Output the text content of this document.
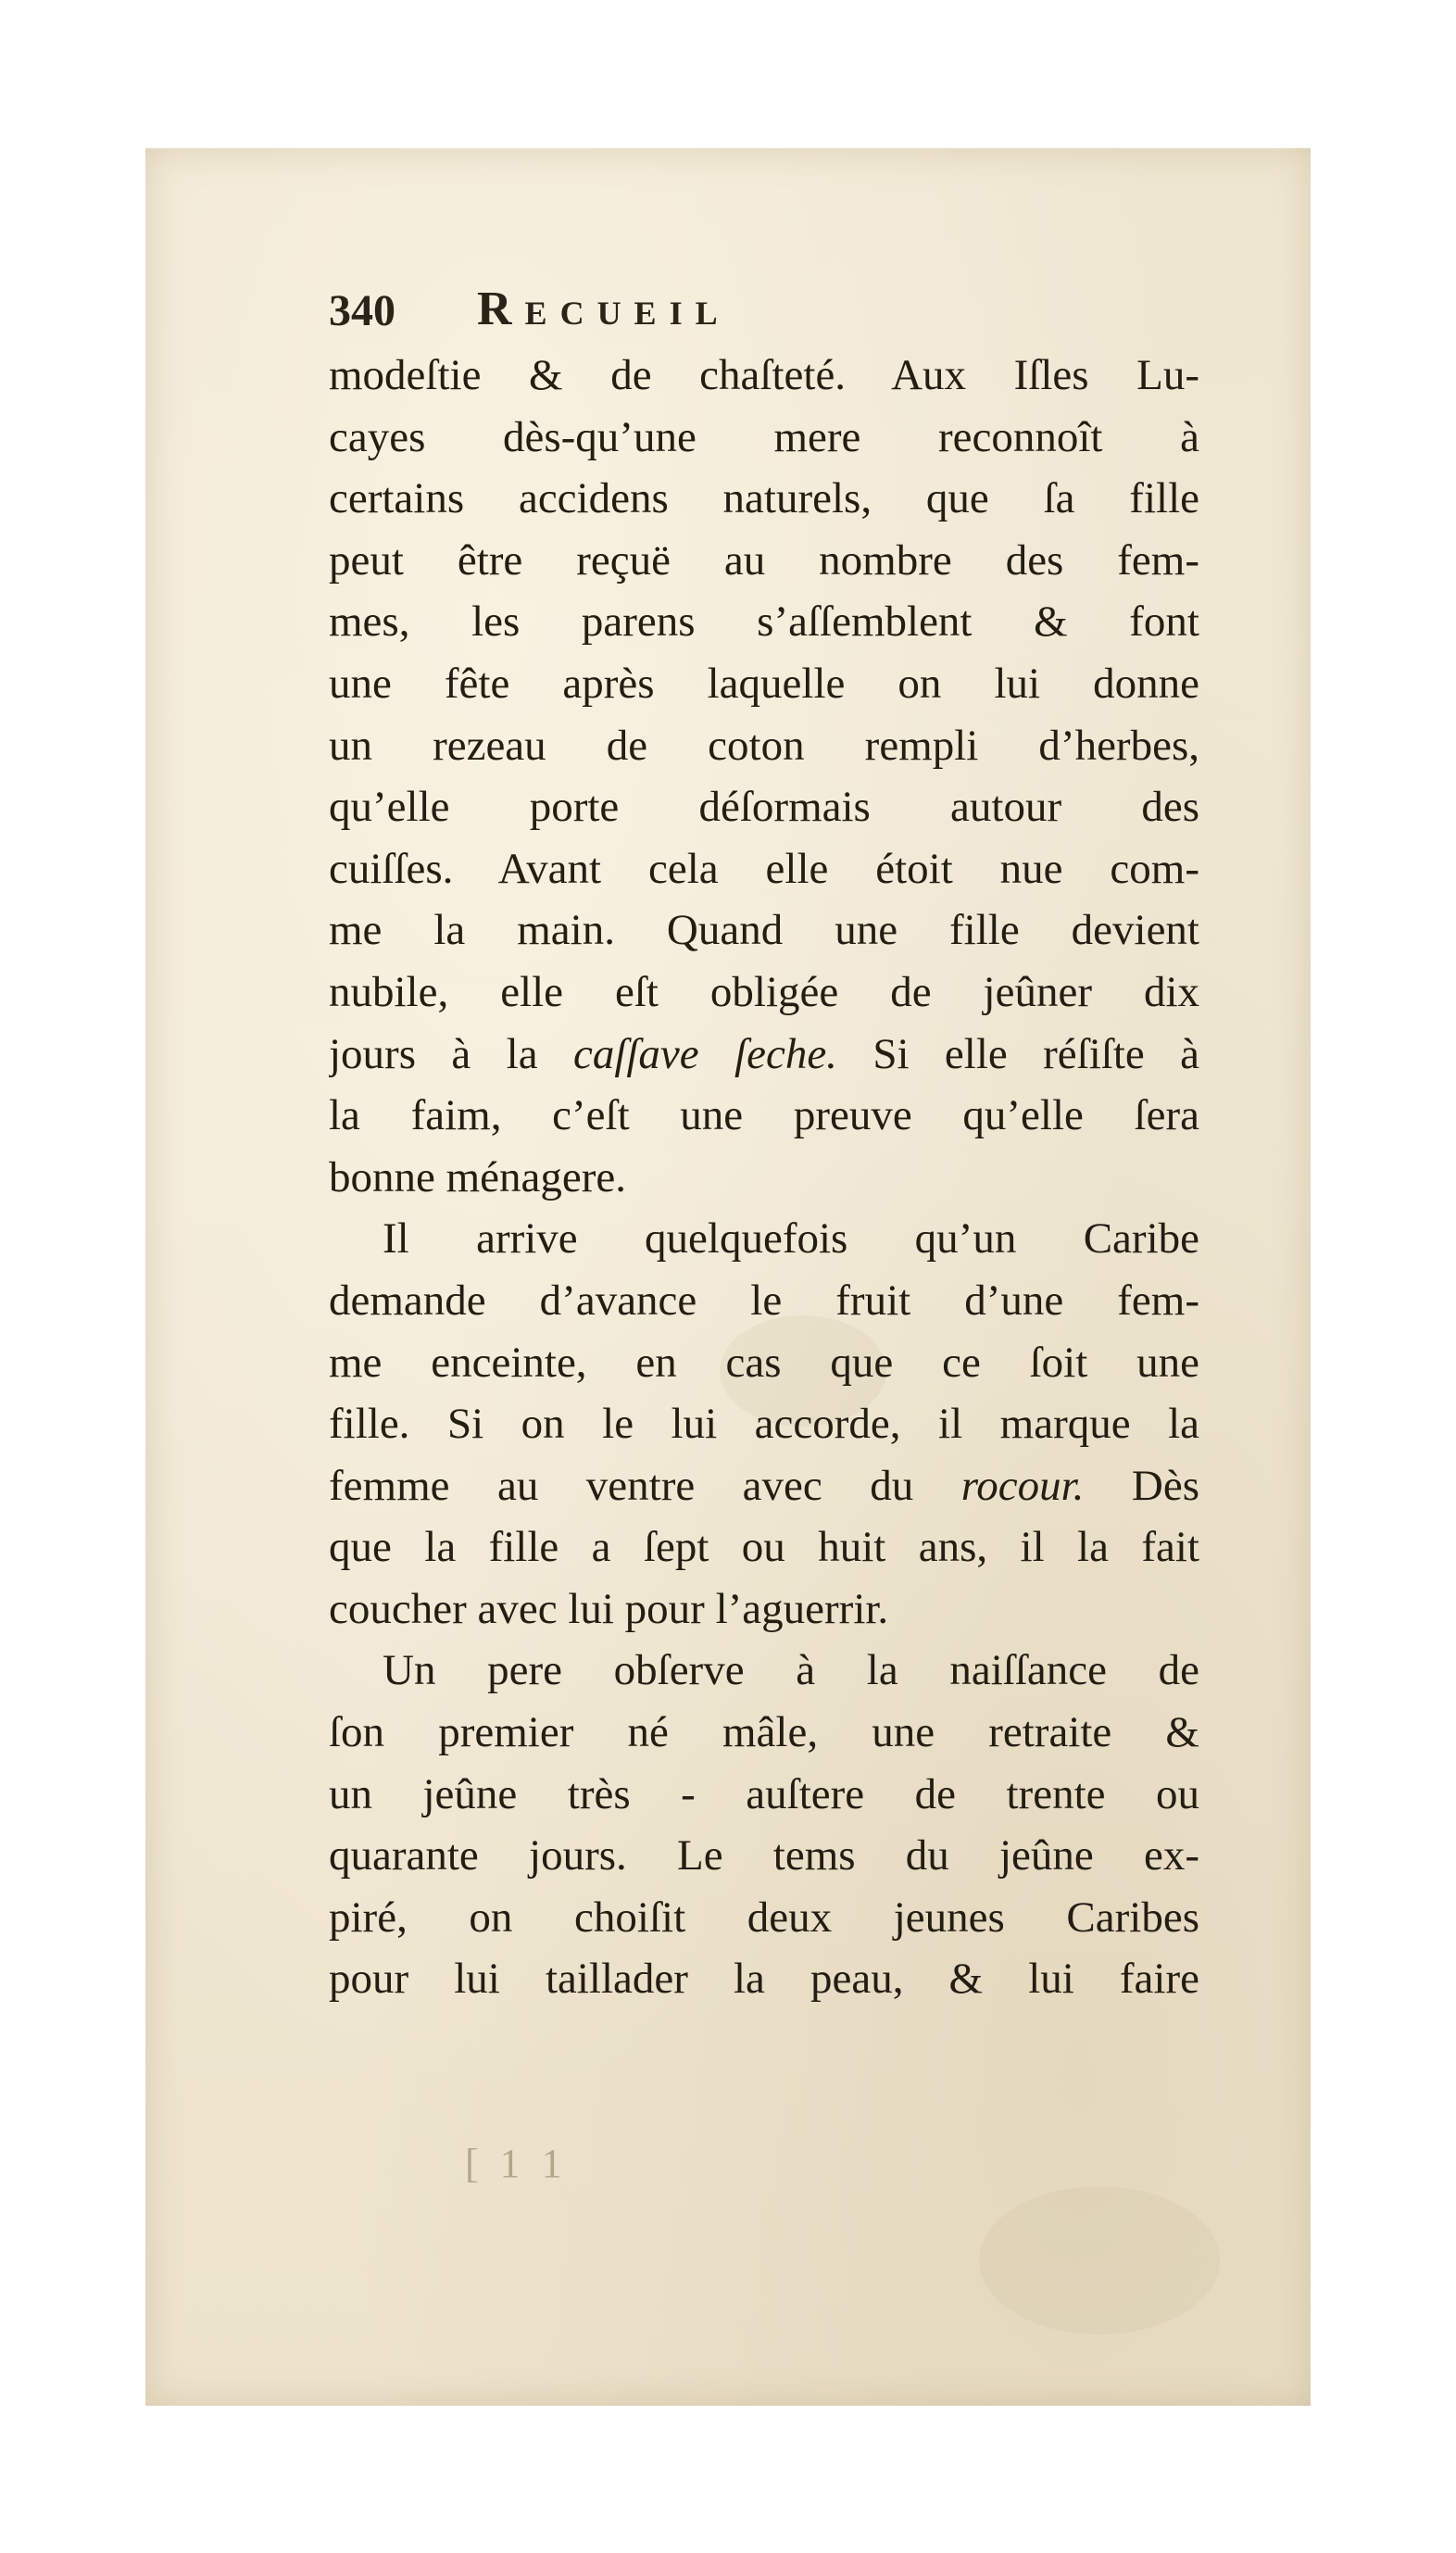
340 Recueil
modeſtie & de chaſteté. Aux Iſles Lu-
cayes dès-qu’une mere reconnoît à
certains accidens naturels, que ſa fille
peut être reçuë au nombre des fem-
mes, les parens s’aſſemblent & font
une fête après laquelle on lui donne
un rezeau de coton rempli d’herbes,
qu’elle porte déſormais autour des
cuiſſes. Avant cela elle étoit nue com-
me la main. Quand une fille devient
nubile, elle eſt obligée de jeûner dix
jours à la caſſave ſeche. Si elle réſiſte à
la faim, c’eſt une preuve qu’elle ſera
bonne ménagere.
Il arrive quelquefois qu’un Caribe
demande d’avance le fruit d’une fem-
me enceinte, en cas que ce ſoit une
fille. Si on le lui accorde, il marque la
femme au ventre avec du rocour. Dès
que la fille a ſept ou huit ans, il la fait
coucher avec lui pour l’aguerrir.
Un pere obſerve à la naiſſance de
ſon premier né mâle, une retraite &
un jeûne très - auſtere de trente ou
quarante jours. Le tems du jeûne ex-
piré, on choiſit deux jeunes Caribes
pour lui taillader la peau, & lui faire
[ 1 1
